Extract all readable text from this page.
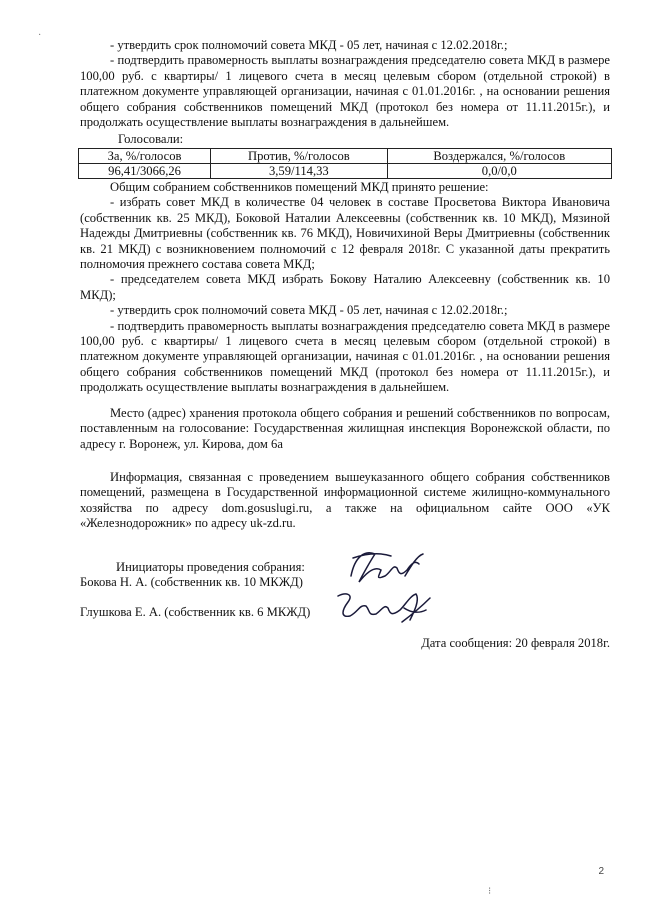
·

- утвердить срок полномочий совета МКД - 05 лет, начиная с 12.02.2018г.;

- подтвердить правомерность выплаты вознаграждения председателю совета МКД в размере 100,00 руб. с квартиры/ 1 лицевого счета в месяц целевым сбором (отдельной строкой) в платежном документе управляющей организации, начиная с 01.01.2016г. , на основании решения общего собрания собственников помещений МКД (протокол без номера от 11.11.2015г.), и продолжать осуществление выплаты вознаграждения в дальнейшем.

Голосовали:
За, %/голосов	Против, %/голосов	Воздержался, %/голосов
96,41/3066,26	3,59/114,33	0,0/0,0

Общим собранием собственников помещений МКД принято решение:

- избрать совет МКД в количестве 04 человек в составе Просветова Виктора Ивановича (собственник кв. 25 МКД), Боковой Наталии Алексеевны (собственник кв. 10 МКД), Мязиной Надежды Дмитриевны (собственник кв. 76 МКД), Новичихиной Веры Дмитриевны (собственник кв. 21 МКД) с возникновением полномочий с 12 февраля 2018г. С указанной даты прекратить полномочия прежнего состава совета МКД;

- председателем совета МКД избрать Бокову Наталию Алексеевну (собственник кв. 10 МКД);

- утвердить срок полномочий совета МКД - 05 лет, начиная с 12.02.2018г.;

- подтвердить правомерность выплаты вознаграждения председателю совета МКД в размере 100,00 руб. с квартиры/ 1 лицевого счета в месяц целевым сбором (отдельной строкой) в платежном документе управляющей организации, начиная с 01.01.2016г. , на основании решения общего собрания собственников помещений МКД (протокол без номера от 11.11.2015г.), и продолжать осуществление выплаты вознаграждения в дальнейшем.

Место (адрес) хранения протокола общего собрания и решений собственников по вопросам, поставленным на голосование: Государственная жилищная инспекция Воронежской области, по адресу г. Воронеж, ул. Кирова, дом 6а

Информация, связанная с проведением вышеуказанного общего собрания собственников помещений, размещена в Государственной информационной системе жилищно-коммунального хозяйства по адресу dom.gosuslugi.ru, а также на официальном сайте ООО «УК «Железнодорожник» по адресу uk-zd.ru.

Инициаторы проведения собрания:

Бокова Н. А. (собственник кв. 10 МКЖД)

Глушкова Е. А. (собственник кв. 6 МКЖД)

Дата сообщения: 20 февраля 2018г.
2
⁝
